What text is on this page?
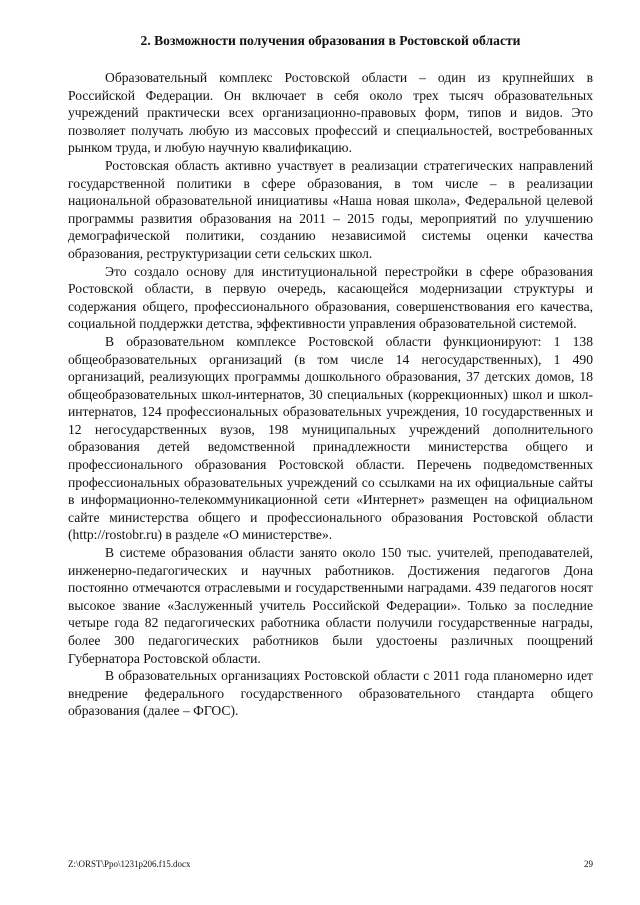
2. Возможности получения образования в Ростовской области

Образовательный комплекс Ростовской области – один из крупнейших в Российской Федерации. Он включает в себя около трех тысяч образовательных учреждений практически всех организационно-правовых форм, типов и видов. Это позволяет получать любую из массовых профессий и специальностей, востребованных рынком труда, и любую научную квалификацию.

Ростовская область активно участвует в реализации стратегических направлений государственной политики в сфере образования, в том числе – в реализации национальной образовательной инициативы «Наша новая школа», Федеральной целевой программы развития образования на 2011 – 2015 годы, мероприятий по улучшению демографической политики, созданию независимой системы оценки качества образования, реструктуризации сети сельских школ.

Это создало основу для институциональной перестройки в сфере образования Ростовской области, в первую очередь, касающейся модернизации структуры и содержания общего, профессионального образования, совершенствования его качества, социальной поддержки детства, эффективности управления образовательной системой.

В образовательном комплексе Ростовской области функционируют: 1 138 общеобразовательных организаций (в том числе 14 негосударственных), 1 490 организаций, реализующих программы дошкольного образования, 37 детских домов, 18 общеобразовательных школ-интернатов, 30 специальных (коррекционных) школ и школ-интернатов, 124 профессиональных образовательных учреждения, 10 государственных и 12 негосударственных вузов, 198 муниципальных учреждений дополнительного образования детей ведомственной принадлежности министерства общего и профессионального образования Ростовской области. Перечень подведомственных профессиональных образовательных учреждений со ссылками на их официальные сайты в информационно-телекоммуникационной сети «Интернет» размещен на официальном сайте министерства общего и профессионального образования Ростовской области (http://rostobr.ru) в разделе «О министерстве».

В системе образования области занято около 150 тыс. учителей, преподавателей, инженерно-педагогических и научных работников. Достижения педагогов Дона постоянно отмечаются отраслевыми и государственными наградами. 439 педагогов носят высокое звание «Заслуженный учитель Российской Федерации». Только за последние четыре года 82 педагогических работника области получили государственные награды, более 300 педагогических работников были удостоены различных поощрений Губернатора Ростовской области.

В образовательных организациях Ростовской области с 2011 года планомерно идет внедрение федерального государственного образовательного стандарта общего образования (далее – ФГОС).

Z:\ORST\Ppo\1231p206.f15.docx	29
